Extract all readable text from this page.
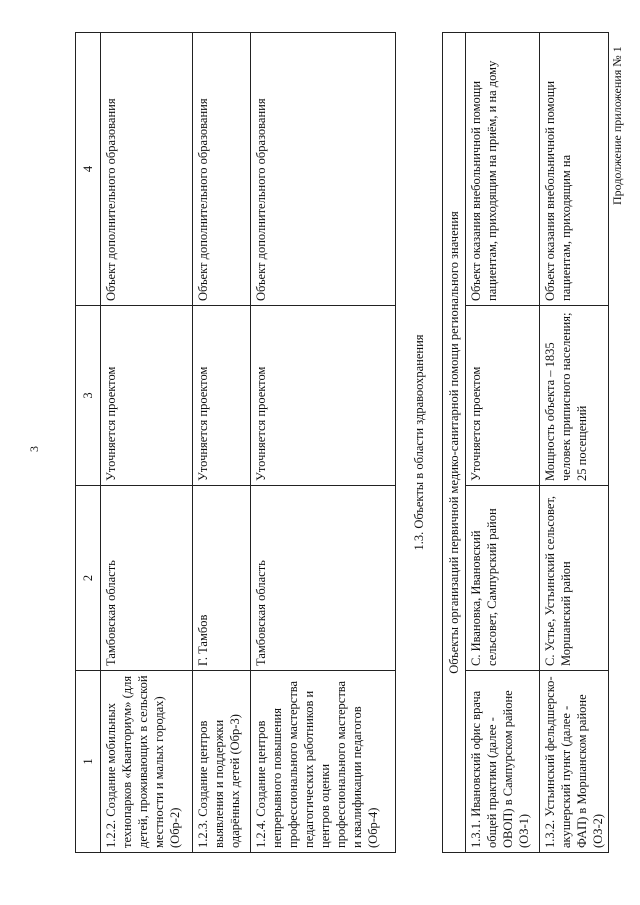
3
Продолжение приложения № 1
1	2	3	4
1.2.2. Создание мобильных технопарков «Кванториум» (для детей, проживающих в сельской местности и малых городах) (Обр-2)	Тамбовская область	Уточняется проектом	Объект дополнительного образования
1.2.3. Создание центров выявления и поддержки одарённых детей (Обр-3)	Г. Тамбов	Уточняется проектом	Объект дополнительного образования
1.2.4. Создание центров непрерывного повышения профессионального мастерства педагогических работников и центров оценки профессионального мастерства и квалификации педагогов (Обр-4)	Тамбовская область	Уточняется проектом	Объект дополнительного образования
1.3. Объекты в области здравоохранения			
Объекты организаций первичной медико-санитарной помощи регионального значения			
1.3.1. Ивановский офис врача общей практики (далее - ОВОП) в Сампурском районе (ОЗ-1)	С. Ивановка, Ивановский сельсовет, Сампурский район	Уточняется проектом	Объект оказания внебольничной помощи пациентам, приходящим на приём, и на дому
1.3.2. Устьинский фельдшерско-акушерский пункт (далее - ФАП) в Моршанском районе (ОЗ-2)	С. Устье, Устьинский сельсовет, Моршанский район	Мощность объекта – 1835 человек приписного населения; 25 посещений	Объект оказания внебольничной помощи пациентам, приходящим на
